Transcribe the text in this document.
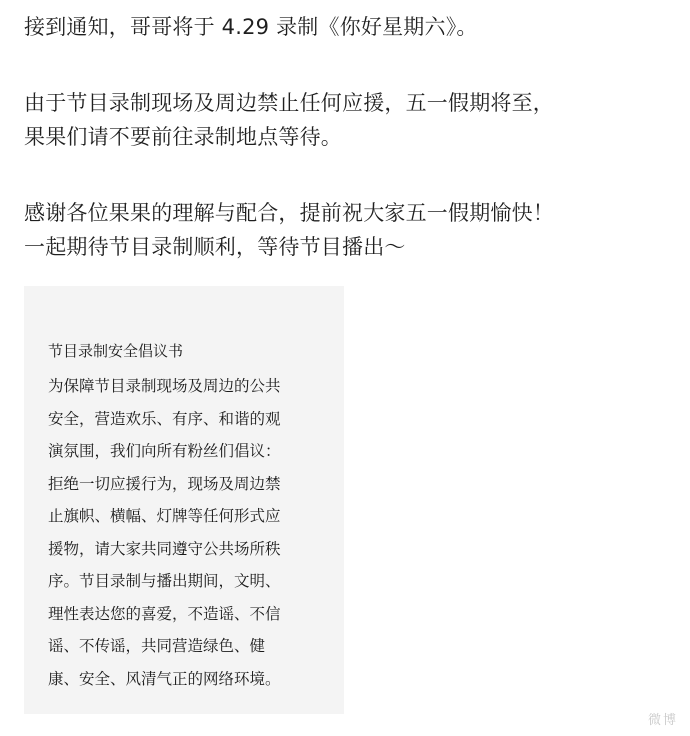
接到通知，哥哥将于 4.29 录制《你好星期六》。

由于节目录制现场及周边禁止任何应援，五一假期将至，

果果们请不要前往录制地点等待。

感谢各位果果的理解与配合，提前祝大家五一假期愉快！

一起期待节目录制顺利，等待节目播出～

节目录制安全倡议书
为保障节目录制现场及周边的公共
安全，营造欢乐、有序、和谐的观
演氛围，我们向所有粉丝们倡议：
拒绝一切应援行为，现场及周边禁
止旗帜、横幅、灯牌等任何形式应
援物，请大家共同遵守公共场所秩
序。节目录制与播出期间，文明、
理性表达您的喜爱，不造谣、不信
谣、不传谣，共同营造绿色、健
康、安全、风清气正的网络环境。
微博
